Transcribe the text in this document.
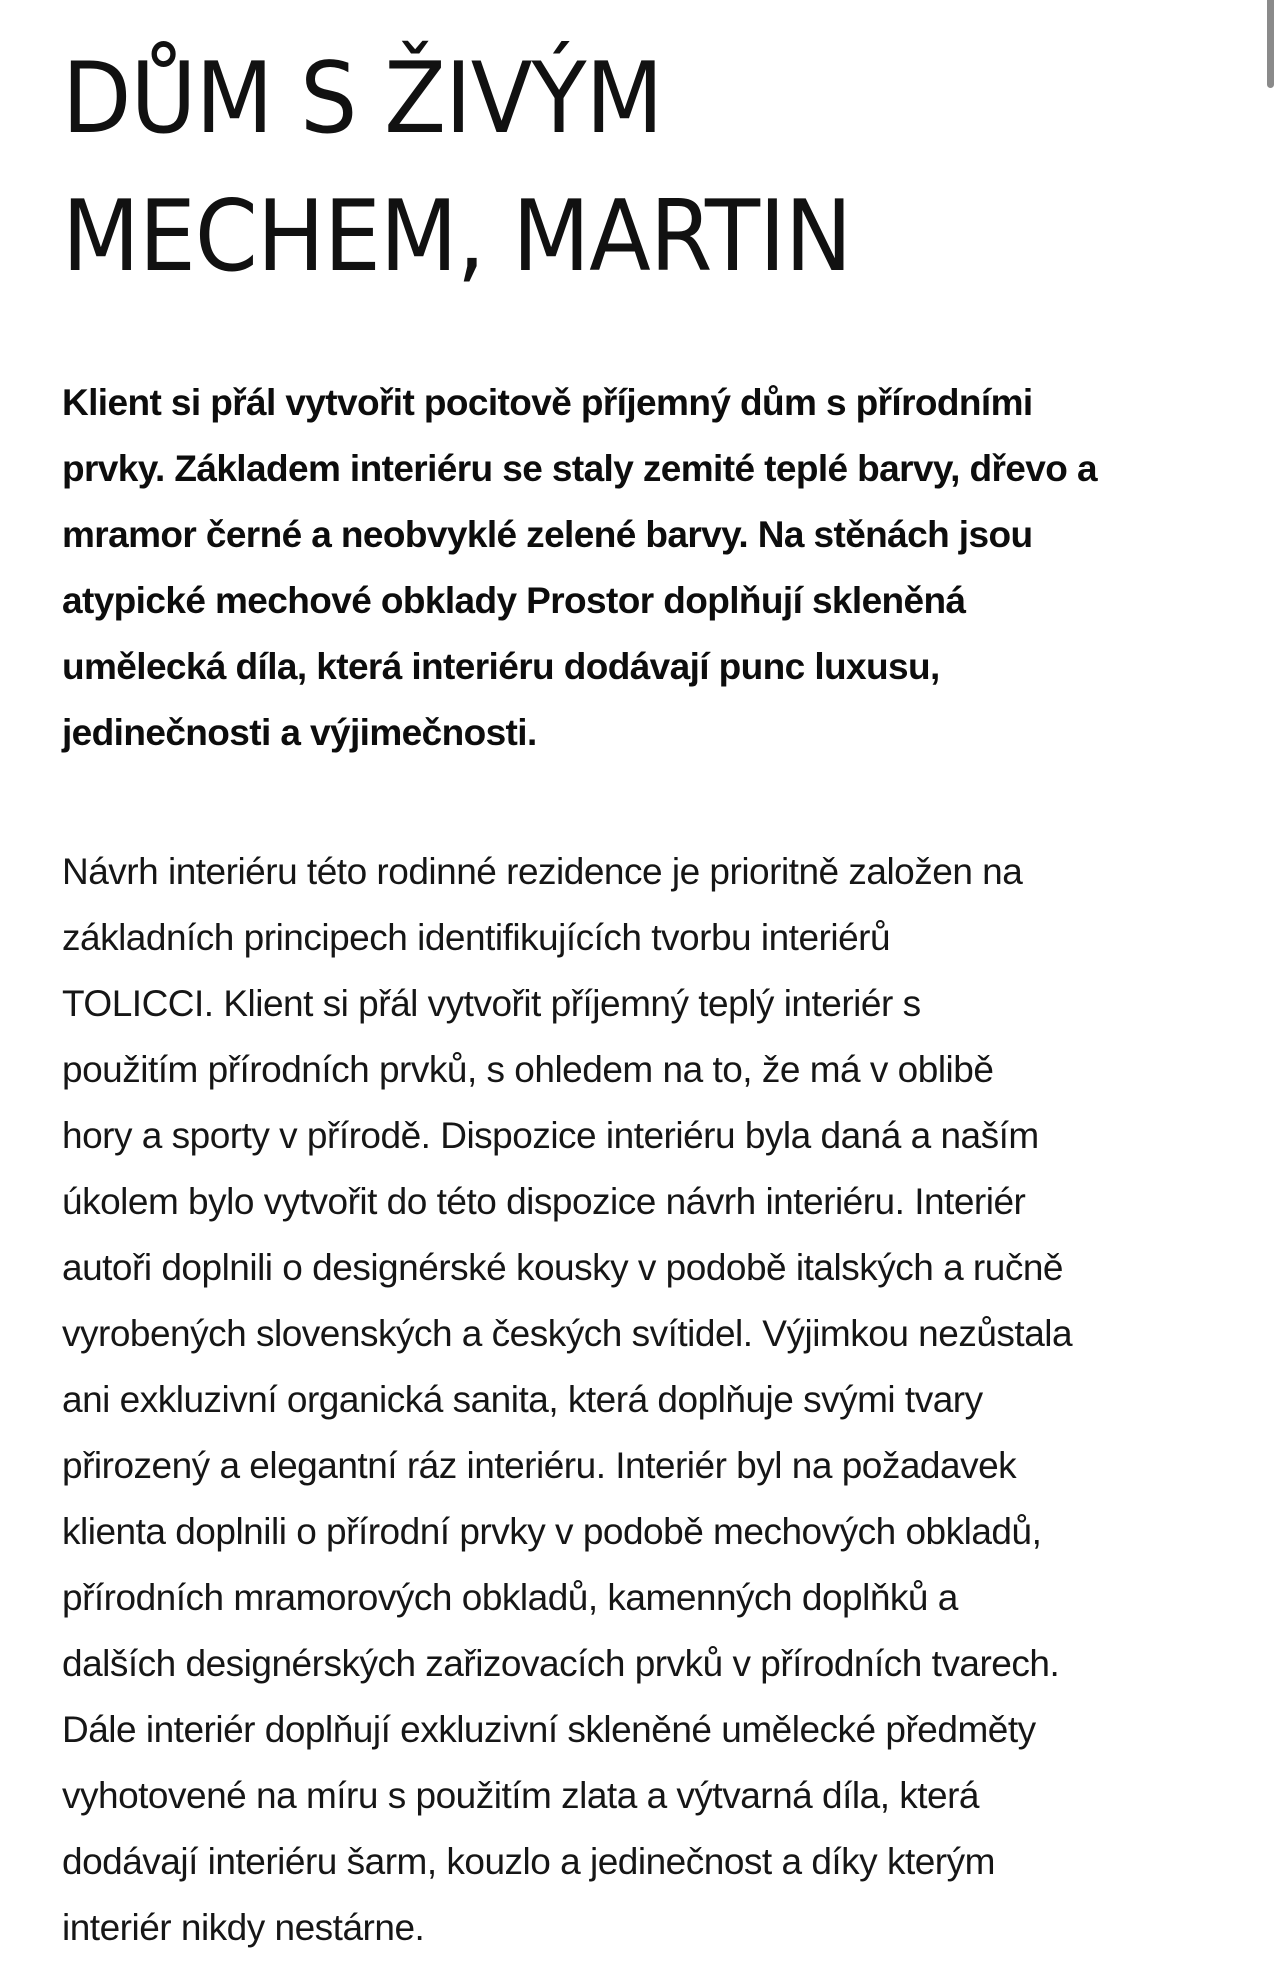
DŮM S ŽIVÝM
MECHEM, MARTIN

Klient si přál vytvořit pocitově příjemný dům s přírodními
prvky. Základem interiéru se staly zemité teplé barvy, dřevo a
mramor černé a neobvyklé zelené barvy. Na stěnách jsou
atypické mechové obklady Prostor doplňují skleněná
umělecká díla, která interiéru dodávají punc luxusu,
jedinečnosti a výjimečnosti.

Návrh interiéru této rodinné rezidence je prioritně založen na
základních principech identifikujících tvorbu interiérů
TOLICCI. Klient si přál vytvořit příjemný teplý interiér s
použitím přírodních prvků, s ohledem na to, že má v oblibě
hory a sporty v přírodě. Dispozice interiéru byla daná a naším
úkolem bylo vytvořit do této dispozice návrh interiéru. Interiér
autoři doplnili o designérské kousky v podobě italských a ručně
vyrobených slovenských a českých svítidel. Výjimkou nezůstala
ani exkluzivní organická sanita, která doplňuje svými tvary
přirozený a elegantní ráz interiéru. Interiér byl na požadavek
klienta doplnili o přírodní prvky v podobě mechových obkladů,
přírodních mramorových obkladů, kamenných doplňků a
dalších designérských zařizovacích prvků v přírodních tvarech.
Dále interiér doplňují exkluzivní skleněné umělecké předměty
vyhotovené na míru s použitím zlata a výtvarná díla, která
dodávají interiéru šarm, kouzlo a jedinečnost a díky kterým
interiér nikdy nestárne.
